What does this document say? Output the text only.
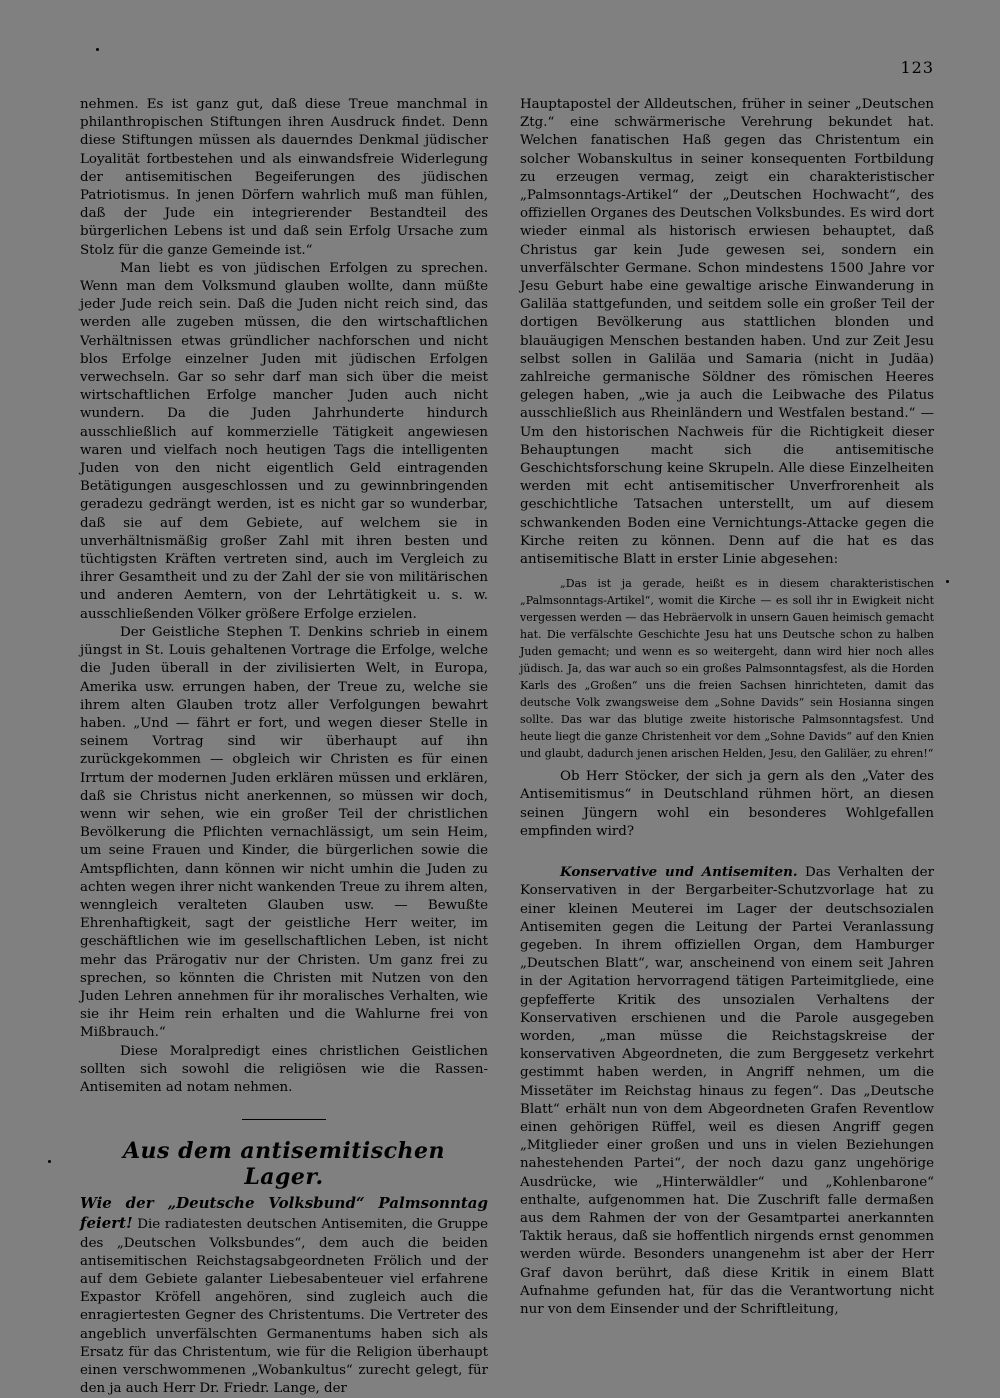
123

nehmen. Es ist ganz gut, daß diese Treue manchmal in philanthropischen Stiftungen ihren Ausdruck findet. Denn diese Stiftungen müssen als dauerndes Denkmal jüdischer Loyalität fortbestehen und als einwandsfreie Widerlegung der antisemitischen Begeiferungen des jüdischen Patriotismus. In jenen Dörfern wahrlich muß man fühlen, daß der Jude ein integrierender Bestandteil des bürgerlichen Lebens ist und daß sein Erfolg Ursache zum Stolz für die ganze Gemeinde ist.“

Man liebt es von jüdischen Erfolgen zu sprechen. Wenn man dem Volksmund glauben wollte, dann müßte jeder Jude reich sein. Daß die Juden nicht reich sind, das werden alle zugeben müssen, die den wirtschaftlichen Verhältnissen etwas gründlicher nachforschen und nicht blos Erfolge einzelner Juden mit jüdischen Erfolgen verwechseln. Gar so sehr darf man sich über die meist wirtschaftlichen Erfolge mancher Juden auch nicht wundern. Da die Juden Jahrhunderte hindurch ausschließlich auf kommerzielle Tätigkeit angewiesen waren und vielfach noch heutigen Tags die intelligenten Juden von den nicht eigentlich Geld eintragenden Betätigungen ausgeschlossen und zu gewinnbringenden geradezu gedrängt werden, ist es nicht gar so wunderbar, daß sie auf dem Gebiete, auf welchem sie in unverhältnismäßig großer Zahl mit ihren besten und tüchtigsten Kräften vertreten sind, auch im Vergleich zu ihrer Gesamtheit und zu der Zahl der sie von militärischen und anderen Aemtern, von der Lehrtätigkeit u. s. w. ausschließenden Völker größere Erfolge erzielen.

Der Geistliche Stephen T. Denkins schrieb in einem jüngst in St. Louis gehaltenen Vortrage die Erfolge, welche die Juden überall in der zivilisierten Welt, in Europa, Amerika usw. errungen haben, der Treue zu, welche sie ihrem alten Glauben trotz aller Verfolgungen bewahrt haben. „Und — fährt er fort, und wegen dieser Stelle in seinem Vortrag sind wir überhaupt auf ihn zurückgekommen — obgleich wir Christen es für einen Irrtum der modernen Juden erklären müssen und erklären, daß sie Christus nicht anerkennen, so müssen wir doch, wenn wir sehen, wie ein großer Teil der christlichen Bevölkerung die Pflichten vernachlässigt, um sein Heim, um seine Frauen und Kinder, die bürgerlichen sowie die Amtspflichten, dann können wir nicht umhin die Juden zu achten wegen ihrer nicht wankenden Treue zu ihrem alten, wenngleich veralteten Glauben usw. — Bewußte Ehrenhaftigkeit, sagt der geistliche Herr weiter, im geschäftlichen wie im gesellschaftlichen Leben, ist nicht mehr das Prärogativ nur der Christen. Um ganz frei zu sprechen, so könnten die Christen mit Nutzen von den Juden Lehren annehmen für ihr moralisches Verhalten, wie sie ihr Heim rein erhalten und die Wahlurne frei von Mißbrauch.“

Diese Moralpredigt eines christlichen Geistlichen sollten sich sowohl die religiösen wie die Rassen-Antisemiten ad notam nehmen.

Aus dem antisemitischen Lager.

Wie der „Deutsche Volksbund“ Palmsonntag feiert! Die radiatesten deutschen Antisemiten, die Gruppe des „Deutschen Volksbundes“, dem auch die beiden antisemitischen Reichstagsabgeordneten Frölich und der auf dem Gebiete galanter Liebesabenteuer viel erfahrene Expastor Kröfell angehören, sind zugleich auch die enragiertesten Gegner des Christentums. Die Vertreter des angeblich unverfälschten Germanentums haben sich als Ersatz für das Christentum, wie für die Religion überhaupt einen verschwommenen „Wobankultus“ zurecht gelegt, für den ja auch Herr Dr. Friedr. Lange, der

Hauptapostel der Alldeutschen, früher in seiner „Deutschen Ztg.“ eine schwärmerische Verehrung bekundet hat. Welchen fanatischen Haß gegen das Christentum ein solcher Wobanskultus in seiner konsequenten Fortbildung zu erzeugen vermag, zeigt ein charakteristischer „Palmsonntags-Artikel“ der „Deutschen Hochwacht“, des offiziellen Organes des Deutschen Volksbundes. Es wird dort wieder einmal als historisch erwiesen behauptet, daß Christus gar kein Jude gewesen sei, sondern ein unverfälschter Germane. Schon mindestens 1500 Jahre vor Jesu Geburt habe eine gewaltige arische Einwanderung in Galiläa stattgefunden, und seitdem solle ein großer Teil der dortigen Bevölkerung aus stattlichen blonden und blauäugigen Menschen bestanden haben. Und zur Zeit Jesu selbst sollen in Galiläa und Samaria (nicht in Judäa) zahlreiche germanische Söldner des römischen Heeres gelegen haben, „wie ja auch die Leibwache des Pilatus ausschließlich aus Rheinländern und Westfalen bestand.“ — Um den historischen Nachweis für die Richtigkeit dieser Behauptungen macht sich die antisemitische Geschichtsforschung keine Skrupeln. Alle diese Einzelheiten werden mit echt antisemitischer Unverfrorenheit als geschichtliche Tatsachen unterstellt, um auf diesem schwankenden Boden eine Vernichtungs-Attacke gegen die Kirche reiten zu können. Denn auf die hat es das antisemitische Blatt in erster Linie abgesehen:

„Das ist ja gerade, heißt es in diesem charakteristischen „Palmsonntags-Artikel“, womit die Kirche — es soll ihr in Ewigkeit nicht vergessen werden — das Hebräervolk in unsern Gauen heimisch gemacht hat. Die verfälschte Geschichte Jesu hat uns Deutsche schon zu halben Juden gemacht; und wenn es so weitergeht, dann wird hier noch alles jüdisch. Ja, das war auch so ein großes Palmsonntagsfest, als die Horden Karls des „Großen“ uns die freien Sachsen hinrichteten, damit das deutsche Volk zwangsweise dem „Sohne Davids“ sein Hosianna singen sollte. Das war das blutige zweite historische Palmsonntagsfest. Und heute liegt die ganze Christenheit vor dem „Sohne Davids“ auf den Knien und glaubt, dadurch jenen arischen Helden, Jesu, den Galiläer, zu ehren!“

Ob Herr Stöcker, der sich ja gern als den „Vater des Antisemitismus“ in Deutschland rühmen hört, an diesen seinen Jüngern wohl ein besonderes Wohlgefallen empfinden wird?

Konservative und Antisemiten. Das Verhalten der Konservativen in der Bergarbeiter-Schutzvorlage hat zu einer kleinen Meuterei im Lager der deutschsozialen Antisemiten gegen die Leitung der Partei Veranlassung gegeben. In ihrem offiziellen Organ, dem Hamburger „Deutschen Blatt“, war, anscheinend von einem seit Jahren in der Agitation hervorragend tätigen Parteimitgliede, eine gepfefferte Kritik des unsozialen Verhaltens der Konservativen erschienen und die Parole ausgegeben worden, „man müsse die Reichstagskreise der konservativen Abgeordneten, die zum Berggesetz verkehrt gestimmt haben werden, in Angriff nehmen, um die Missetäter im Reichstag hinaus zu fegen“. Das „Deutsche Blatt“ erhält nun von dem Abgeordneten Grafen Reventlow einen gehörigen Rüffel, weil es diesen Angriff gegen „Mitglieder einer großen und uns in vielen Beziehungen nahestehenden Partei“, der noch dazu ganz ungehörige Ausdrücke, wie „Hinterwäldler“ und „Kohlenbarone“ enthalte, aufgenommen hat. Die Zuschrift falle dermaßen aus dem Rahmen der von der Gesamtpartei anerkannten Taktik heraus, daß sie hoffentlich nirgends ernst genommen werden würde. Besonders unangenehm ist aber der Herr Graf davon berührt, daß diese Kritik in einem Blatt Aufnahme gefunden hat, für das die Verantwortung nicht nur von dem Einsender und der Schriftleitung,
